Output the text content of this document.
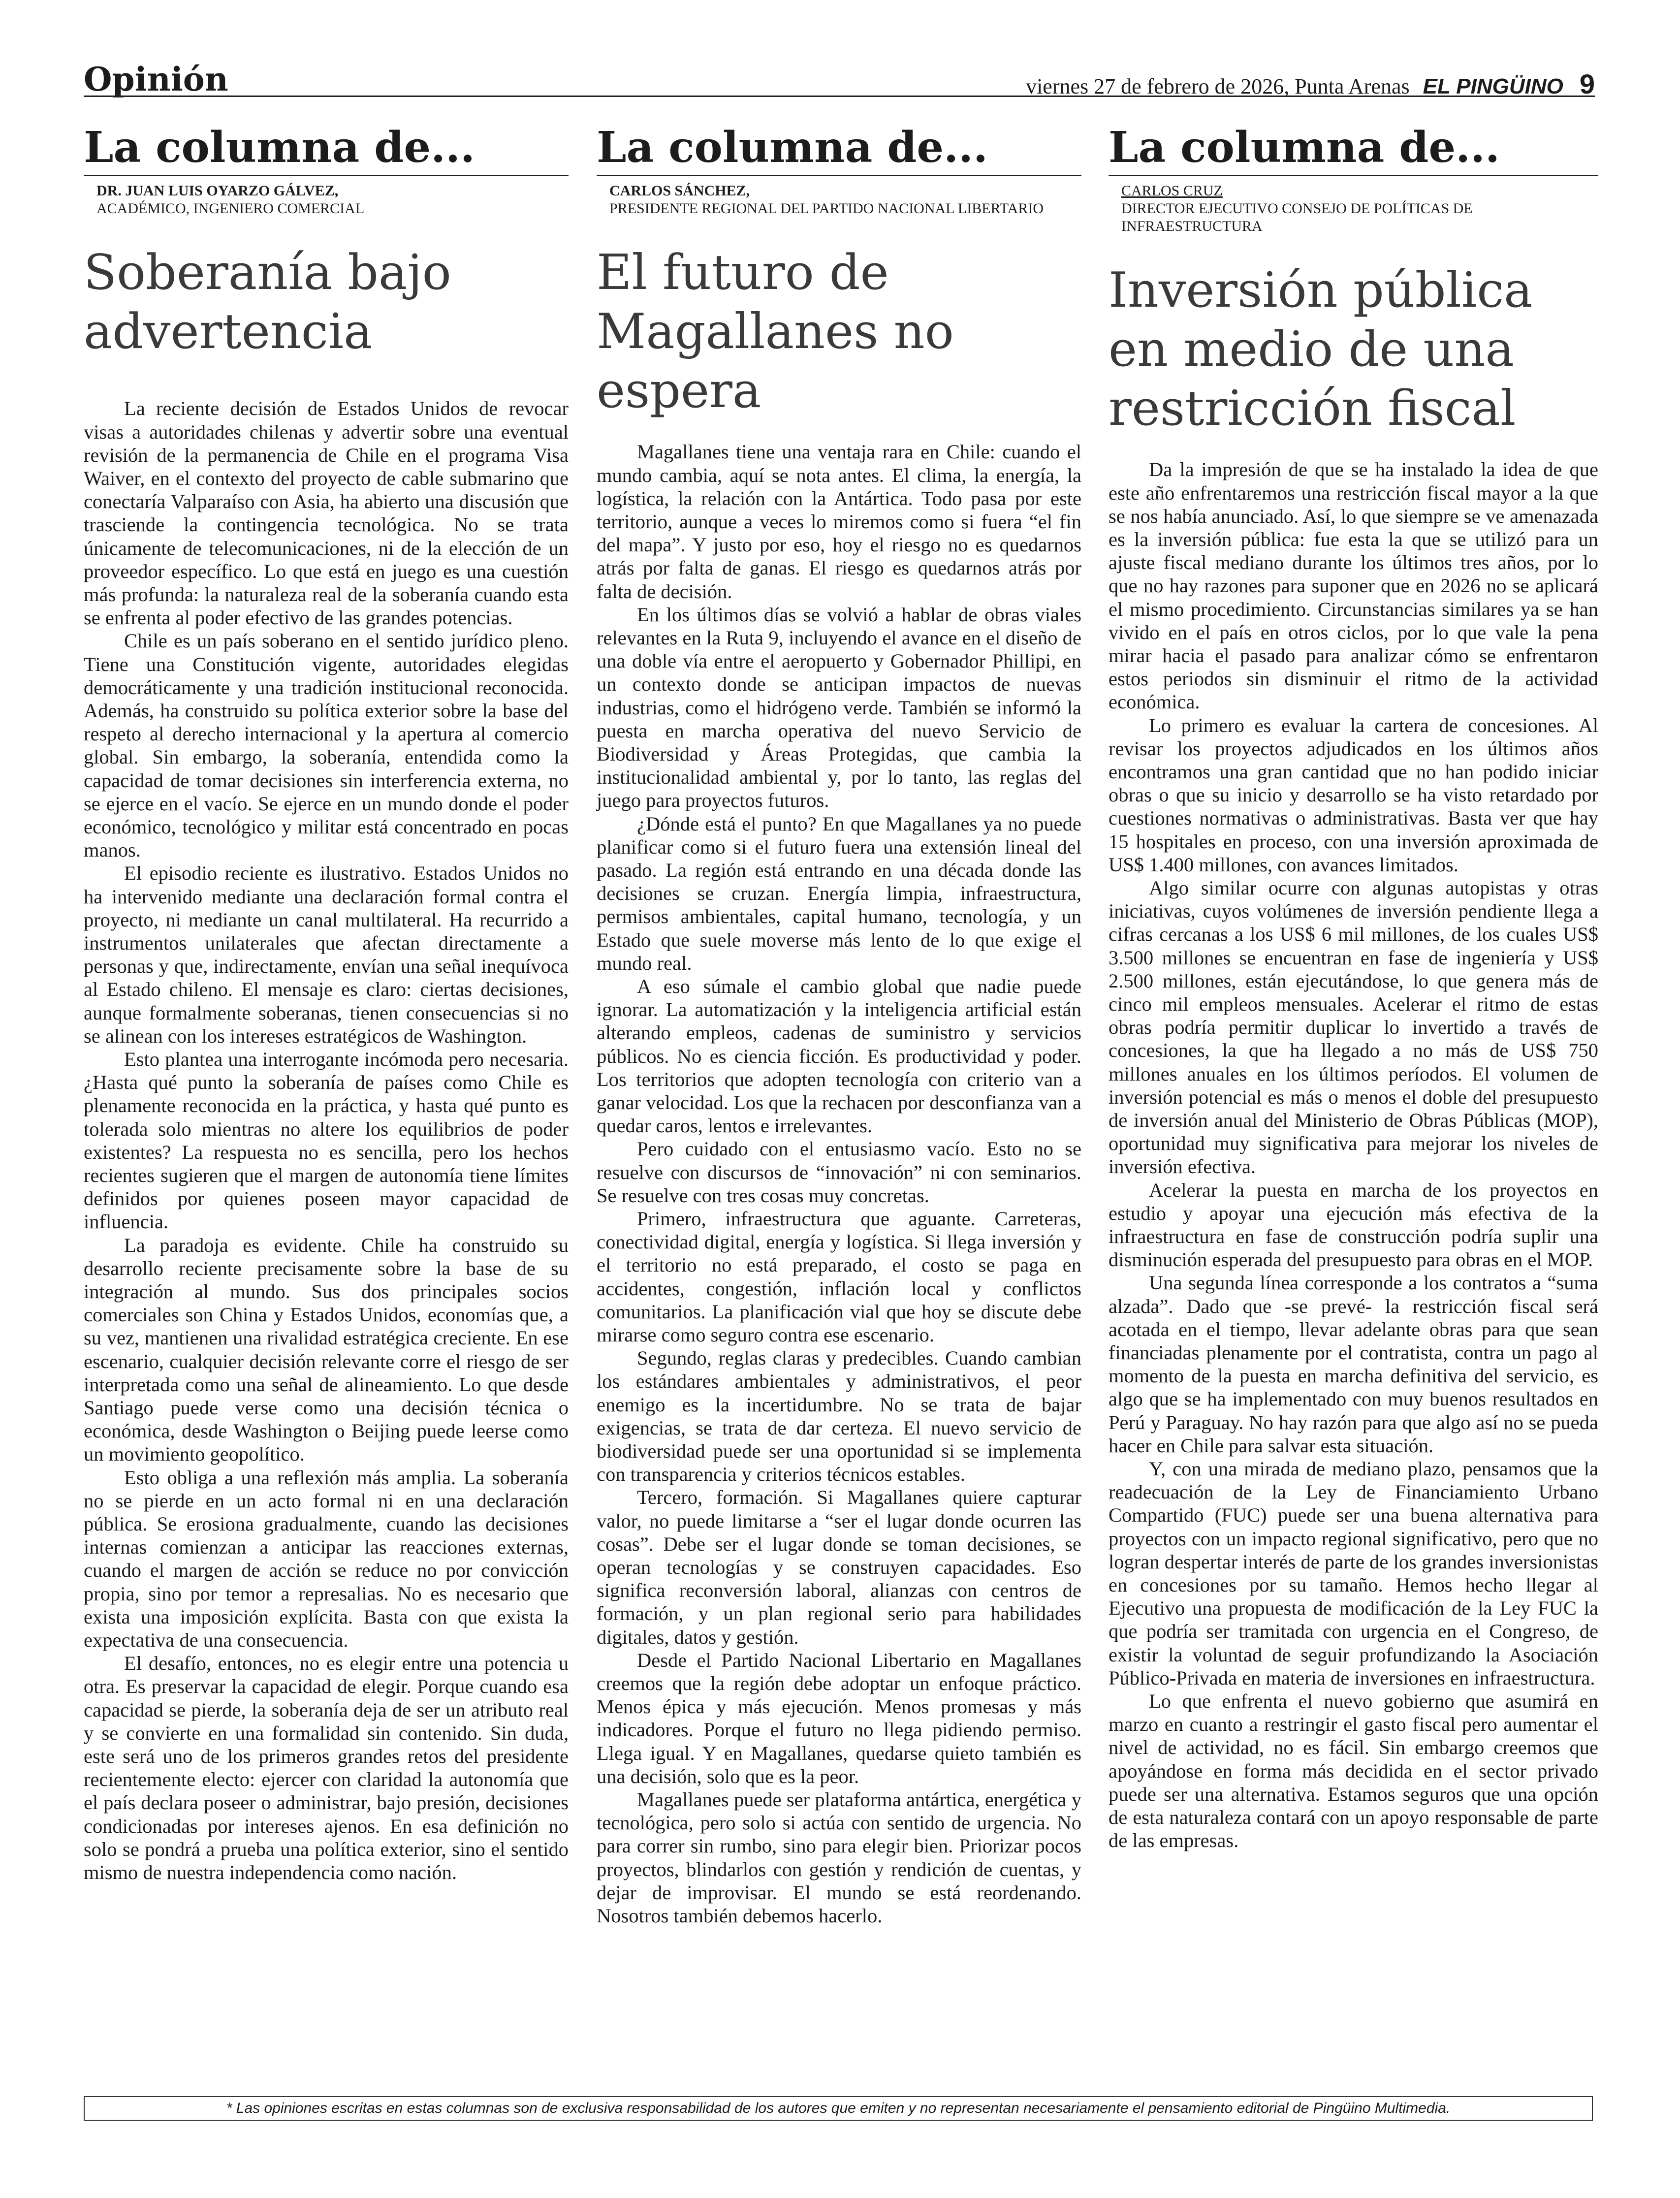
Opinión	viernes 27 de febrero de 2026, Punta Arenas EL PINGÜINO 9
La columna de...
DR. JUAN LUIS OYARZO GÁLVEZ,
ACADÉMICO, INGENIERO COMERCIAL
Soberanía bajo advertencia

La reciente decisión de Estados Unidos de revocar visas a autoridades chilenas y advertir sobre una eventual revisión de la permanencia de Chile en el programa Visa Waiver, en el contexto del proyecto de cable submarino que conectaría Valparaíso con Asia, ha abierto una discusión que trasciende la contingencia tecnológica. No se trata únicamente de telecomunicaciones, ni de la elección de un proveedor específico. Lo que está en juego es una cuestión más profunda: la naturaleza real de la soberanía cuando esta se enfrenta al poder efectivo de las grandes potencias.

Chile es un país soberano en el sentido jurídico pleno. Tiene una Constitución vigente, autoridades elegidas democráticamente y una tradición institucional reconocida. Además, ha construido su política exterior sobre la base del respeto al derecho internacional y la apertura al comercio global. Sin embargo, la soberanía, entendida como la capacidad de tomar decisiones sin interferencia externa, no se ejerce en el vacío. Se ejerce en un mundo donde el poder económico, tecnológico y militar está concentrado en pocas manos.

El episodio reciente es ilustrativo. Estados Unidos no ha intervenido mediante una declaración formal contra el proyecto, ni mediante un canal multilateral. Ha recurrido a instrumentos unilaterales que afectan directamente a personas y que, indirectamente, envían una señal inequívoca al Estado chileno. El mensaje es claro: ciertas decisiones, aunque formalmente soberanas, tienen consecuencias si no se alinean con los intereses estratégicos de Washington.

Esto plantea una interrogante incómoda pero necesaria. ¿Hasta qué punto la soberanía de países como Chile es plenamente reconocida en la práctica, y hasta qué punto es tolerada solo mientras no altere los equilibrios de poder existentes? La respuesta no es sencilla, pero los hechos recientes sugieren que el margen de autonomía tiene límites definidos por quienes poseen mayor capacidad de influencia.

La paradoja es evidente. Chile ha construido su desarrollo reciente precisamente sobre la base de su integración al mundo. Sus dos principales socios comerciales son China y Estados Unidos, economías que, a su vez, mantienen una rivalidad estratégica creciente. En ese escenario, cualquier decisión relevante corre el riesgo de ser interpretada como una señal de alineamiento. Lo que desde Santiago puede verse como una decisión técnica o económica, desde Washington o Beijing puede leerse como un movimiento geopolítico.

Esto obliga a una reflexión más amplia. La soberanía no se pierde en un acto formal ni en una declaración pública. Se erosiona gradualmente, cuando las decisiones internas comienzan a anticipar las reacciones externas, cuando el margen de acción se reduce no por convicción propia, sino por temor a represalias. No es necesario que exista una imposición explícita. Basta con que exista la expectativa de una consecuencia.

El desafío, entonces, no es elegir entre una potencia u otra. Es preservar la capacidad de elegir. Porque cuando esa capacidad se pierde, la soberanía deja de ser un atributo real y se convierte en una formalidad sin contenido. Sin duda, este será uno de los primeros grandes retos del presidente recientemente electo: ejercer con claridad la autonomía que el país declara poseer o administrar, bajo presión, decisiones condicionadas por intereses ajenos. En esa definición no solo se pondrá a prueba una política exterior, sino el sentido mismo de nuestra independencia como nación.

La columna de...
CARLOS SÁNCHEZ,
PRESIDENTE REGIONAL DEL PARTIDO NACIONAL LIBERTARIO
El futuro de Magallanes no espera

Magallanes tiene una ventaja rara en Chile: cuando el mundo cambia, aquí se nota antes. El clima, la energía, la logística, la relación con la Antártica. Todo pasa por este territorio, aunque a veces lo miremos como si fuera “el fin del mapa”. Y justo por eso, hoy el riesgo no es quedarnos atrás por falta de ganas. El riesgo es quedarnos atrás por falta de decisión.

En los últimos días se volvió a hablar de obras viales relevantes en la Ruta 9, incluyendo el avance en el diseño de una doble vía entre el aeropuerto y Gobernador Phillipi, en un contexto donde se anticipan impactos de nuevas industrias, como el hidrógeno verde. También se informó la puesta en marcha operativa del nuevo Servicio de Biodiversidad y Áreas Protegidas, que cambia la institucionalidad ambiental y, por lo tanto, las reglas del juego para proyectos futuros.

¿Dónde está el punto? En que Magallanes ya no puede planificar como si el futuro fuera una extensión lineal del pasado. La región está entrando en una década donde las decisiones se cruzan. Energía limpia, infraestructura, permisos ambientales, capital humano, tecnología, y un Estado que suele moverse más lento de lo que exige el mundo real.

A eso súmale el cambio global que nadie puede ignorar. La automatización y la inteligencia artificial están alterando empleos, cadenas de suministro y servicios públicos. No es ciencia ficción. Es productividad y poder. Los territorios que adopten tecnología con criterio van a ganar velocidad. Los que la rechacen por desconfianza van a quedar caros, lentos e irrelevantes.

Pero cuidado con el entusiasmo vacío. Esto no se resuelve con discursos de “innovación” ni con seminarios. Se resuelve con tres cosas muy concretas.

Primero, infraestructura que aguante. Carreteras, conectividad digital, energía y logística. Si llega inversión y el territorio no está preparado, el costo se paga en accidentes, congestión, inflación local y conflictos comunitarios. La planificación vial que hoy se discute debe mirarse como seguro contra ese escenario.

Segundo, reglas claras y predecibles. Cuando cambian los estándares ambientales y administrativos, el peor enemigo es la incertidumbre. No se trata de bajar exigencias, se trata de dar certeza. El nuevo servicio de biodiversidad puede ser una oportunidad si se implementa con transparencia y criterios técnicos estables.

Tercero, formación. Si Magallanes quiere capturar valor, no puede limitarse a “ser el lugar donde ocurren las cosas”. Debe ser el lugar donde se toman decisiones, se operan tecnologías y se construyen capacidades. Eso significa reconversión laboral, alianzas con centros de formación, y un plan regional serio para habilidades digitales, datos y gestión.

Desde el Partido Nacional Libertario en Magallanes creemos que la región debe adoptar un enfoque práctico. Menos épica y más ejecución. Menos promesas y más indicadores. Porque el futuro no llega pidiendo permiso. Llega igual. Y en Magallanes, quedarse quieto también es una decisión, solo que es la peor.

Magallanes puede ser plataforma antártica, energética y tecnológica, pero solo si actúa con sentido de urgencia. No para correr sin rumbo, sino para elegir bien. Priorizar pocos proyectos, blindarlos con gestión y rendición de cuentas, y dejar de improvisar. El mundo se está reordenando. Nosotros también debemos hacerlo.

La columna de...
CARLOS CRUZ
DIRECTOR EJECUTIVO CONSEJO DE POLÍTICAS DE INFRAESTRUCTURA
Inversión pública en medio de una restricción fiscal

Da la impresión de que se ha instalado la idea de que este año enfrentaremos una restricción fiscal mayor a la que se nos había anunciado. Así, lo que siempre se ve amenazada es la inversión pública: fue esta la que se utilizó para un ajuste fiscal mediano durante los últimos tres años, por lo que no hay razones para suponer que en 2026 no se aplicará el mismo procedimiento. Circunstancias similares ya se han vivido en el país en otros ciclos, por lo que vale la pena mirar hacia el pasado para analizar cómo se enfrentaron estos periodos sin disminuir el ritmo de la actividad económica.

Lo primero es evaluar la cartera de concesiones. Al revisar los proyectos adjudicados en los últimos años encontramos una gran cantidad que no han podido iniciar obras o que su inicio y desarrollo se ha visto retardado por cuestiones normativas o administrativas. Basta ver que hay 15 hospitales en proceso, con una inversión aproximada de US$ 1.400 millones, con avances limitados.

Algo similar ocurre con algunas autopistas y otras iniciativas, cuyos volúmenes de inversión pendiente llega a cifras cercanas a los US$ 6 mil millones, de los cuales US$ 3.500 millones se encuentran en fase de ingeniería y US$ 2.500 millones, están ejecutándose, lo que genera más de cinco mil empleos mensuales. Acelerar el ritmo de estas obras podría permitir duplicar lo invertido a través de concesiones, la que ha llegado a no más de US$ 750 millones anuales en los últimos períodos. El volumen de inversión potencial es más o menos el doble del presupuesto de inversión anual del Ministerio de Obras Públicas (MOP), oportunidad muy significativa para mejorar los niveles de inversión efectiva.

Acelerar la puesta en marcha de los proyectos en estudio y apoyar una ejecución más efectiva de la infraestructura en fase de construcción podría suplir una disminución esperada del presupuesto para obras en el MOP.

Una segunda línea corresponde a los contratos a “suma alzada”. Dado que -se prevé- la restricción fiscal será acotada en el tiempo, llevar adelante obras para que sean financiadas plenamente por el contratista, contra un pago al momento de la puesta en marcha definitiva del servicio, es algo que se ha implementado con muy buenos resultados en Perú y Paraguay. No hay razón para que algo así no se pueda hacer en Chile para salvar esta situación.

Y, con una mirada de mediano plazo, pensamos que la readecuación de la Ley de Financiamiento Urbano Compartido (FUC) puede ser una buena alternativa para proyectos con un impacto regional significativo, pero que no logran despertar interés de parte de los grandes inversionistas en concesiones por su tamaño. Hemos hecho llegar al Ejecutivo una propuesta de modificación de la Ley FUC la que podría ser tramitada con urgencia en el Congreso, de existir la voluntad de seguir profundizando la Asociación Público-Privada en materia de inversiones en infraestructura.

Lo que enfrenta el nuevo gobierno que asumirá en marzo en cuanto a restringir el gasto fiscal pero aumentar el nivel de actividad, no es fácil. Sin embargo creemos que apoyándose en forma más decidida en el sector privado puede ser una alternativa. Estamos seguros que una opción de esta naturaleza contará con un apoyo responsable de parte de las empresas.

* Las opiniones escritas en estas columnas son de exclusiva responsabilidad de los autores que emiten y no representan necesariamente el pensamiento editorial de Pingüino Multimedia.
